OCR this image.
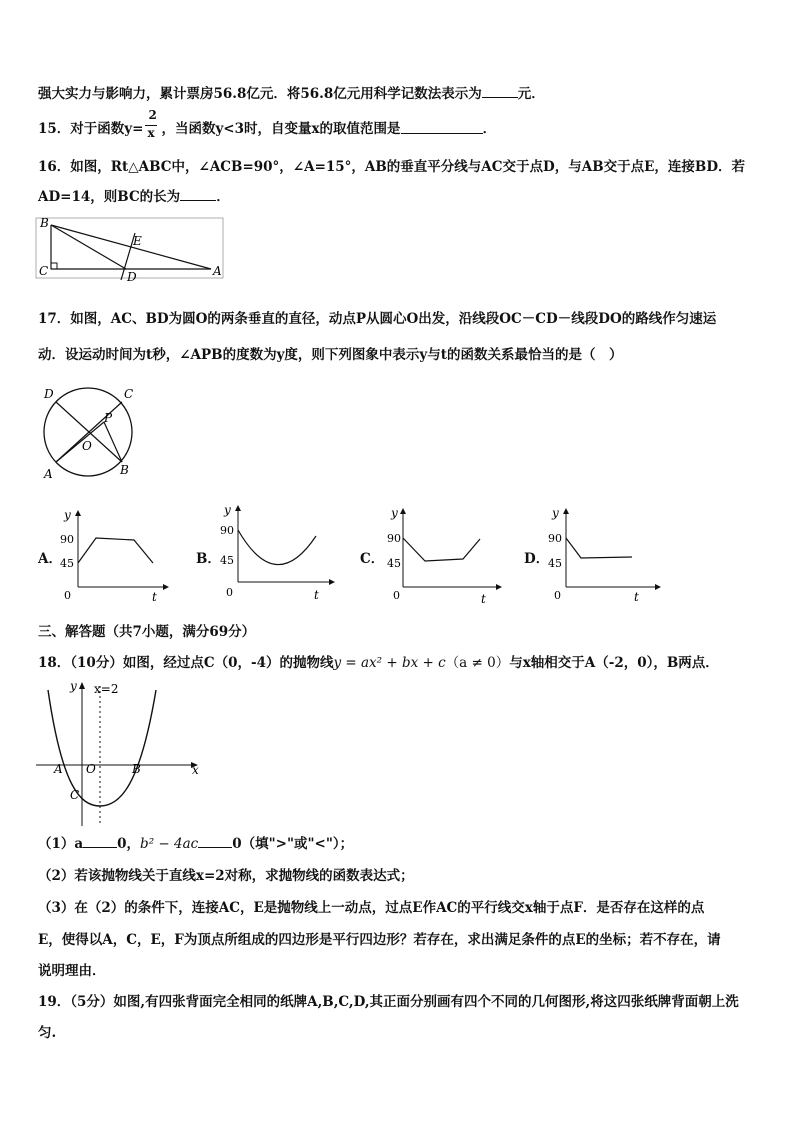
强大实力与影响力，累计票房56.8亿元．将56.8亿元用科学记数法表示为	元．
15．对于函数$y= \frac{2}{x}$ ，当函数y<3时，自变量x的取值范围是	．
16．如图，Rt△ABC中，∠ACB=90°，∠A=15°，AB的垂直平分线与AC交于点D，与AB交于点E，连接BD．若
AD=14，则BC的长为	．
B
E
C	D	A
17．如图，AC、BD为圆O的两条垂直的直径，动点P从圆心O出发，沿线段OC－CD－线段DO的路线作匀速运
动．设运动时间为t秒，∠APB的度数为y度，则下列图象中表示y与t的函数关系最恰当的是（　）
D	C
P
O
A	B
A．
y
90
45
0	t
B．
y
90
45
0	t
C．
y
90
45
0	t
D．
y
90
45
0	t
三、解答题（共7小题，满分69分）
18．（10分）如图，经过点C（0，-4）的抛物线y = ax² + bx + c（a ≠ 0）与x轴相交于A（-2，0），B两点．
y x=2
x
A O	B
C
（1）a	0，b² − 4ac	0（填">"或"<"）；
（2）若该抛物线关于直线x=2对称，求抛物线的函数表达式；
（3）在（2）的条件下，连接AC，E是抛物线上一动点，过点E作AC的平行线交x轴于点F．是否存在这样的点
E，使得以A，C，E，F为顶点所组成的四边形是平行四边形？若存在，求出满足条件的点E的坐标；若不存在，请
说明理由．
19．（5分）如图,有四张背面完全相同的纸牌A,B,C,D,其正面分别画有四个不同的几何图形,将这四张纸牌背面朝上洗
匀.
